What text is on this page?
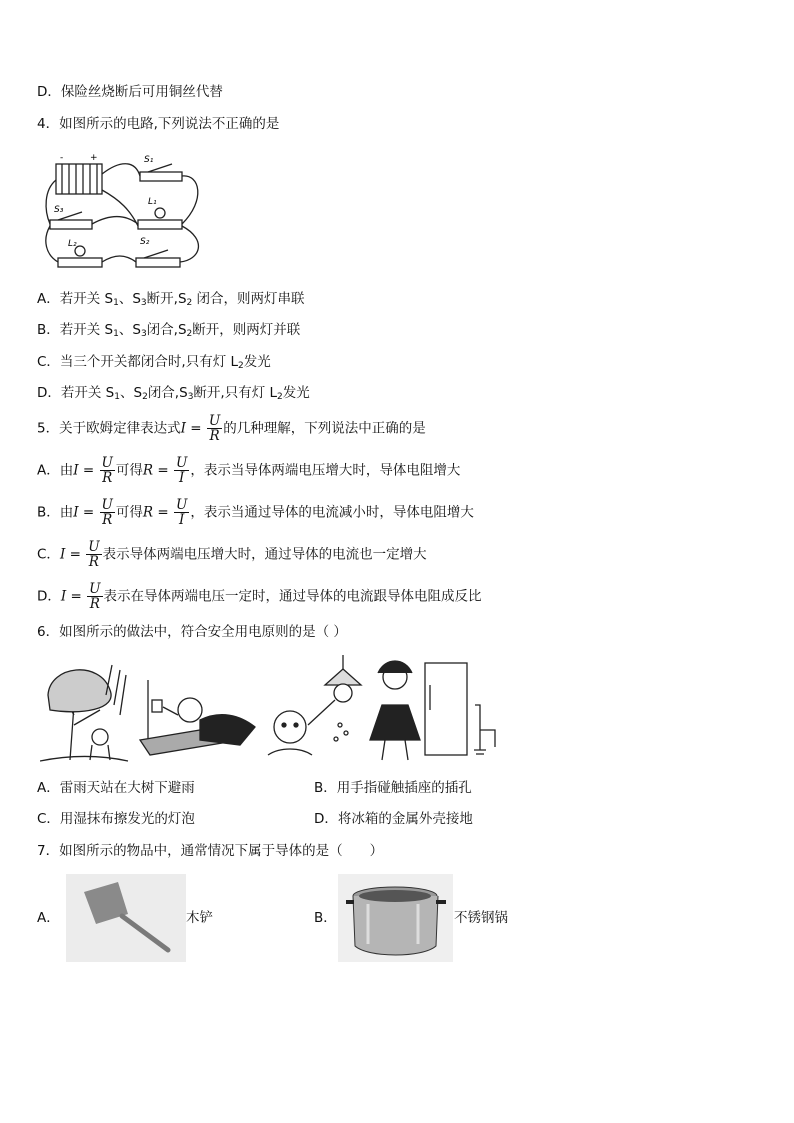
D．保险丝烧断后可用铜丝代替
4．如图所示的电路,下列说法不正确的是
S₁
S₃
L₁
L₂	S₂
+
-
A．若开关 $S_1$、$S_3$断开$,S_2$ 闭合，则两灯串联
B．若开关 $S_1$、$S_3$闭合$,S_2$断开，则两灯并联
C．当三个开关都闭合时,只有灯 $L_2$发光
D．若开关 $S_1$、$S_2$闭合$,S_3$断开,只有灯 $L_2$发光
5．关于欧姆定律表达式$I = \frac{U}{R}$ 的几种理解，下列说法中正确的是
A．由$I = \frac{U}{R}$ 可得$R = \frac{U}{I}$ ，表示当导体两端电压增大时，导体电阻增大
B．由$I = \frac{U}{R}$ 可得$R = \frac{U}{I}$ ，表示当通过导体的电流减小时，导体电阻增大
C．$I = \frac{U}{R}$ 表示导体两端电压增大时，通过导体的电流也一定增大
D．$I = \frac{U}{R}$ 表示在导体两端电压一定时，通过导体的电流跟导体电阻成反比
6．如图所示的做法中，符合安全用电原则的是（ ）
A．雷雨天站在大树下避雨	B．用手指碰触插座的插孔
C．用湿抹布擦发光的灯泡	D．将冰箱的金属外壳接地
7．如图所示的物品中，通常情况下属于导体的是（　　）
A．	木铲	B．	不锈钢锅
